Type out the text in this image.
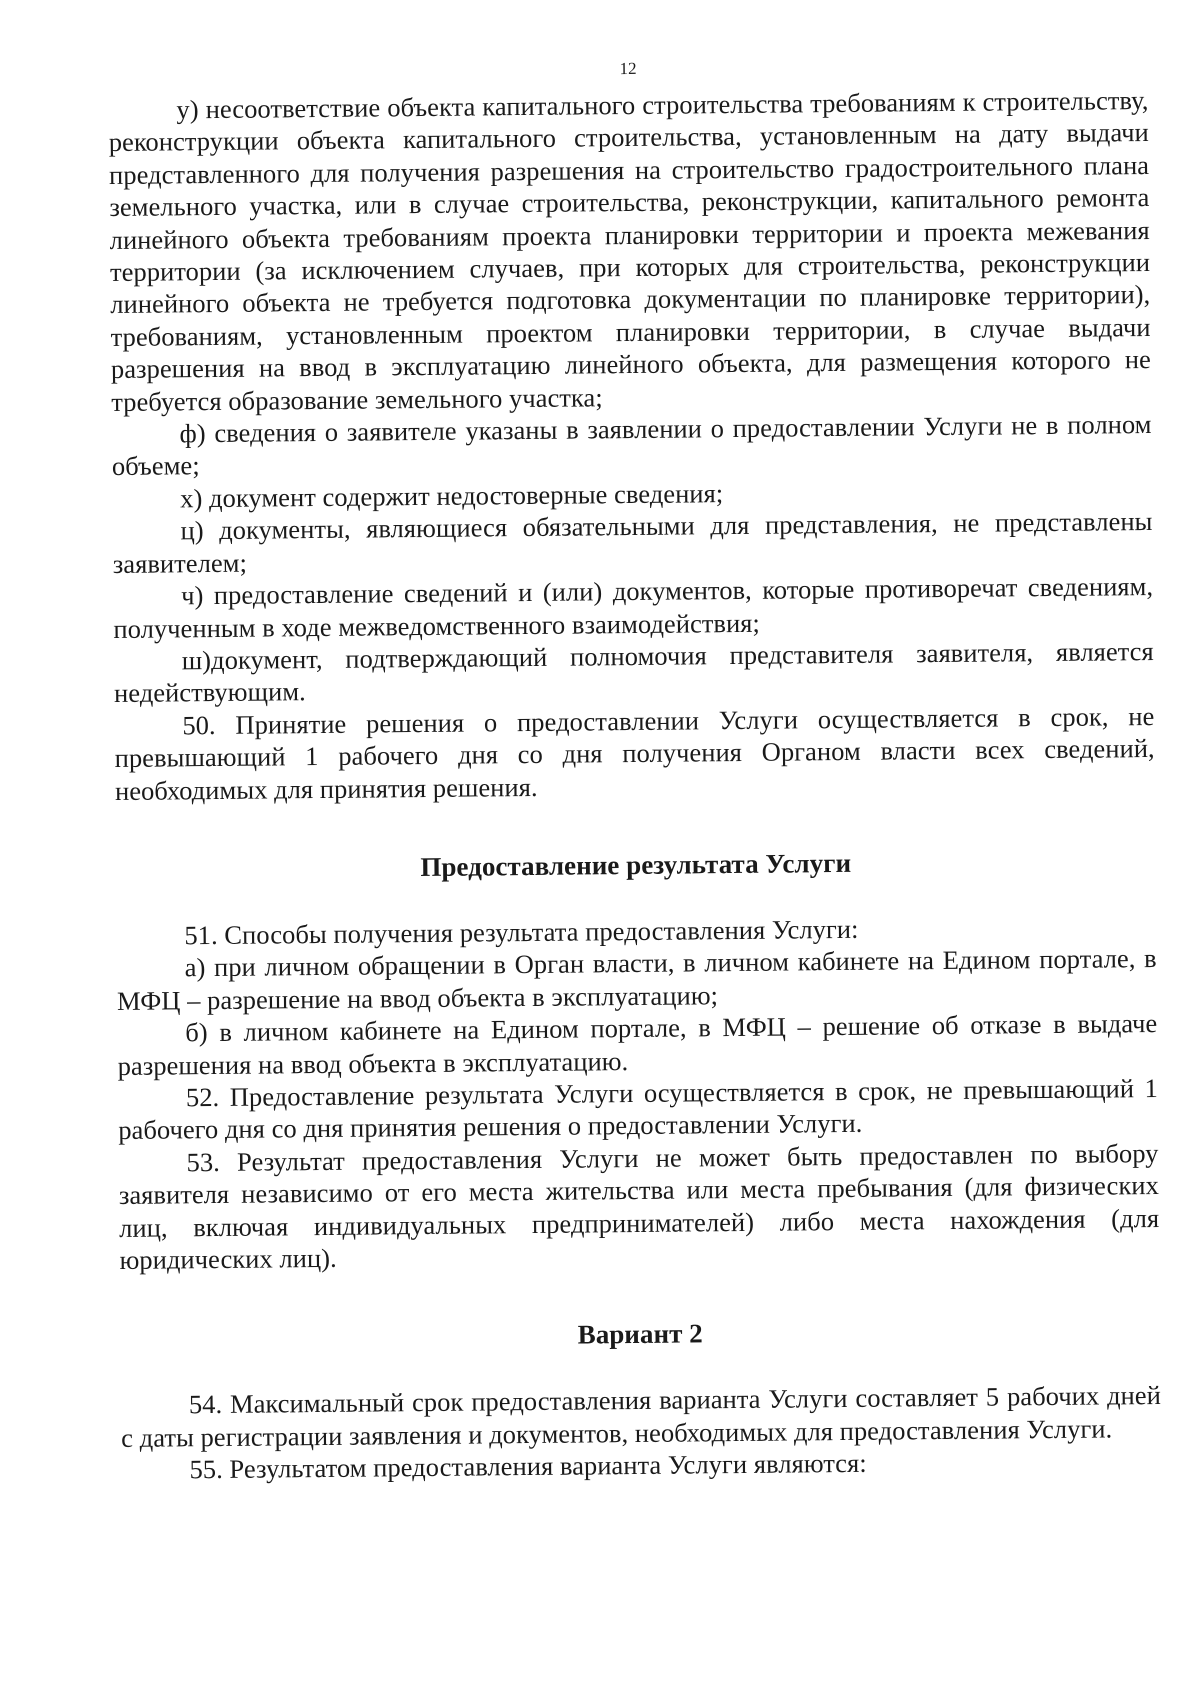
12

у) несоответствие объекта капитального строительства требованиям к строительству, реконструкции объекта капитального строительства, установленным на дату выдачи представленного для получения разрешения на строительство градостроительного плана земельного участка, или в случае строительства, реконструкции, капитального ремонта линейного объекта требованиям проекта планировки территории и проекта межевания территории (за исключением случаев, при которых для строительства, реконструкции линейного объекта не требуется подготовка документации по планировке территории), требованиям, установленным проектом планировки территории, в случае выдачи разрешения на ввод в эксплуатацию линейного объекта, для размещения которого не требуется образование земельного участка;

ф) сведения о заявителе указаны в заявлении о предоставлении Услуги не в полном объеме;

х) документ содержит недостоверные сведения;

ц) документы, являющиеся обязательными для представления, не представлены заявителем;

ч) предоставление сведений и (или) документов, которые противоречат сведениям, полученным в ходе межведомственного взаимодействия;

ш)документ, подтверждающий полномочия представителя заявителя, является недействующим.

50. Принятие решения о предоставлении Услуги осуществляется в срок, не превышающий 1 рабочего дня со дня получения Органом власти всех сведений, необходимых для принятия решения.

Предоставление результата Услуги

51. Способы получения результата предоставления Услуги:

а) при личном обращении в Орган власти, в личном кабинете на Едином портале, в МФЦ – разрешение на ввод объекта в эксплуатацию;

б) в личном кабинете на Едином портале, в МФЦ – решение об отказе в выдаче разрешения на ввод объекта в эксплуатацию.

52. Предоставление результата Услуги осуществляется в срок, не превышающий 1 рабочего дня со дня принятия решения о предоставлении Услуги.

53. Результат предоставления Услуги не может быть предоставлен по выбору заявителя независимо от его места жительства или места пребывания (для физических лиц, включая индивидуальных предпринимателей) либо места нахождения (для юридических лиц).

Вариант 2

54. Максимальный срок предоставления варианта Услуги составляет 5 рабочих дней с даты регистрации заявления и документов, необходимых для предоставления Услуги.

55. Результатом предоставления варианта Услуги являются:
